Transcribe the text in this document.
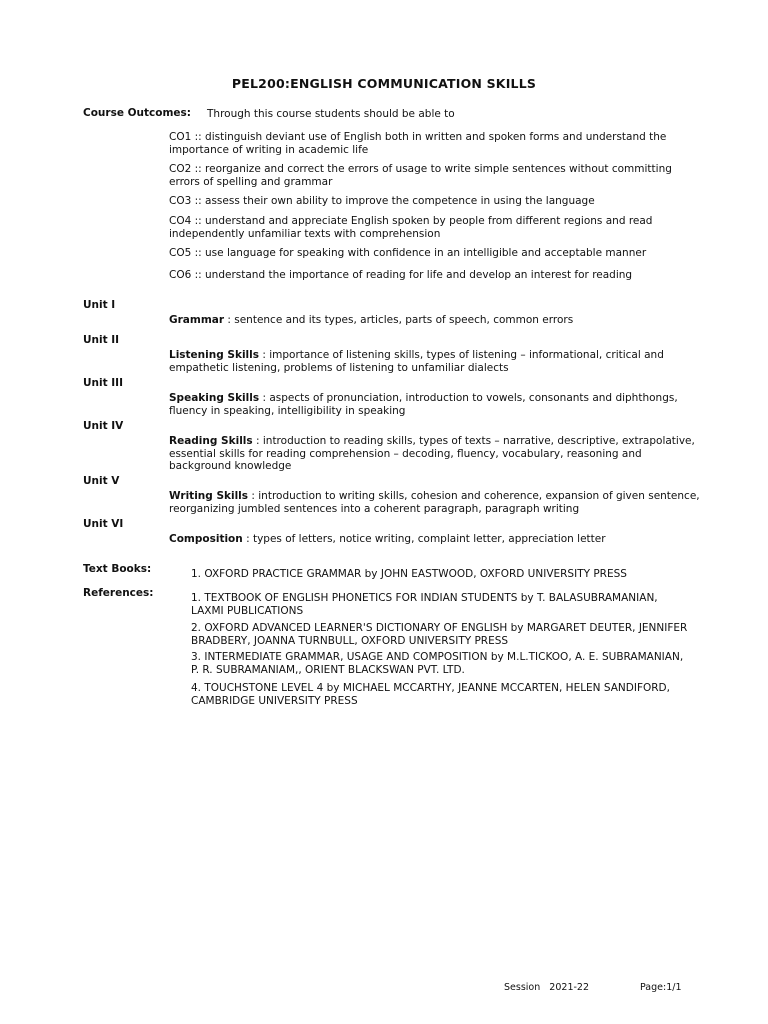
PEL200:ENGLISH COMMUNICATION SKILLS
Course Outcomes: Through this course students should be able to
CO1 :: distinguish deviant use of English both in written and spoken forms and understand the importance of writing in academic life
CO2 :: reorganize and correct the errors of usage to write simple sentences without committing errors of spelling and grammar
CO3 :: assess their own ability to improve the competence in using the language
CO4 :: understand and appreciate English spoken by people from different regions and read independently unfamiliar texts with comprehension
CO5 :: use language for speaking with confidence in an intelligible and acceptable manner
CO6 :: understand the importance of reading for life and develop an interest for reading
Unit I
Grammar : sentence and its types, articles, parts of speech, common errors
Unit II
Listening Skills : importance of listening skills, types of listening – informational, critical and empathetic listening, problems of listening to unfamiliar dialects
Unit III
Speaking Skills : aspects of pronunciation, introduction to vowels, consonants and diphthongs, fluency in speaking, intelligibility in speaking
Unit IV
Reading Skills : introduction to reading skills, types of texts – narrative, descriptive, extrapolative, essential skills for reading comprehension – decoding, fluency, vocabulary, reasoning and background knowledge
Unit V
Writing Skills : introduction to writing skills, cohesion and coherence, expansion of given sentence, reorganizing jumbled sentences into a coherent paragraph, paragraph writing
Unit VI
Composition : types of letters, notice writing, complaint letter, appreciation letter
Text Books:	1. OXFORD PRACTICE GRAMMAR by JOHN EASTWOOD, OXFORD UNIVERSITY PRESS
References:	1. TEXTBOOK OF ENGLISH PHONETICS FOR INDIAN STUDENTS by T. BALASUBRAMANIAN, LAXMI PUBLICATIONS
2. OXFORD ADVANCED LEARNER'S DICTIONARY OF ENGLISH by MARGARET DEUTER, JENNIFER BRADBERY, JOANNA TURNBULL, OXFORD UNIVERSITY PRESS
3. INTERMEDIATE GRAMMAR, USAGE AND COMPOSITION by M.L.TICKOO, A. E. SUBRAMANIAN, P. R. SUBRAMANIAM,, ORIENT BLACKSWAN PVT. LTD.
4. TOUCHSTONE LEVEL 4 by MICHAEL MCCARTHY, JEANNE MCCARTEN, HELEN SANDIFORD, CAMBRIDGE UNIVERSITY PRESS
Session   2021-22	Page:1/1
